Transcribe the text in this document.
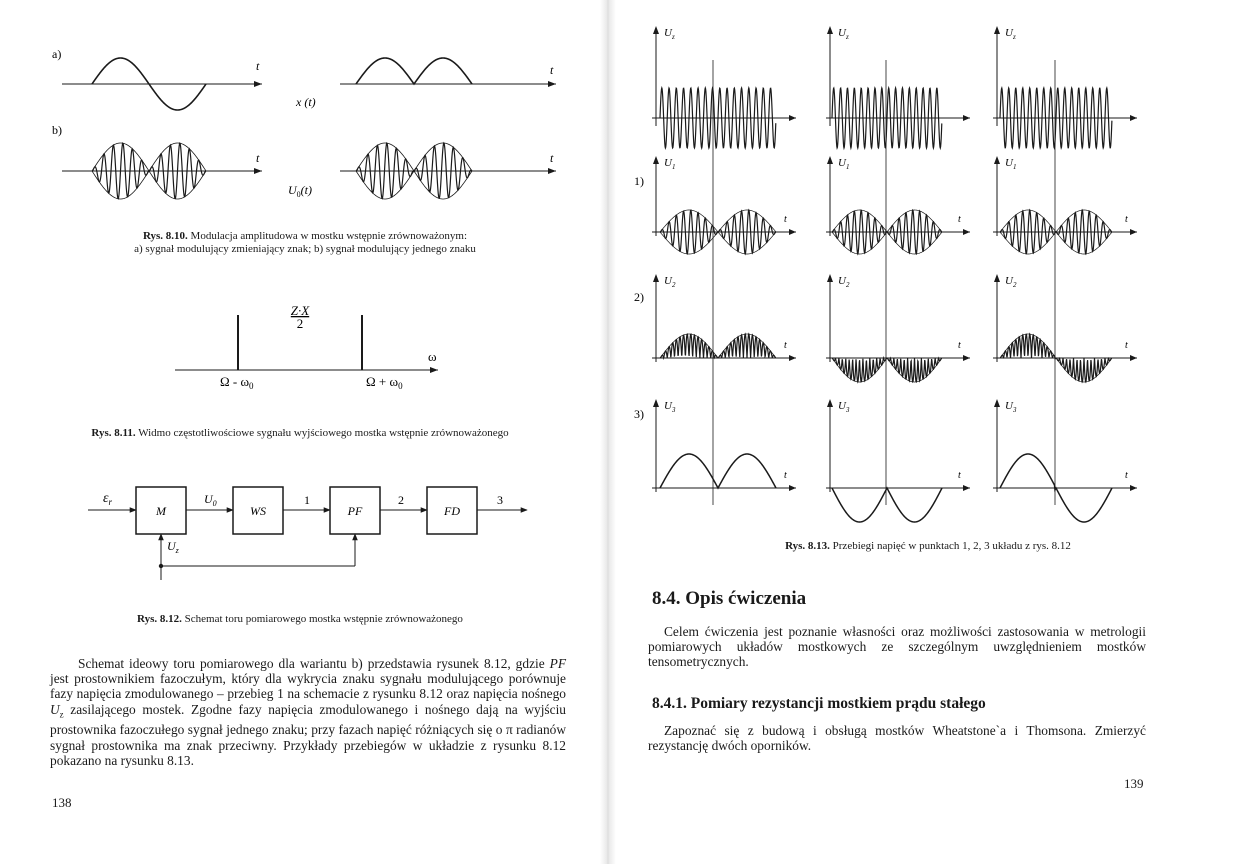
a)
b)
t	t
x (t)
t	t
$U_0(t)$
Rys. 8.10. Modulacja amplitudowa w mostku wstępnie zrównoważonym:
a) sygnał modulujący zmieniający znak; b) sygnał modulujący jednego znaku
Z·X
2
ω
Ω - $\omega_0$	$\Omega + \omega_0$
Rys. 8.11. Widmo częstotliwościowe sygnału wyjściowego mostka wstępnie zrównoważonego
$\varepsilon_r$
M
$U_0$
WS
1
PF
2
FD
3
$U_z$
Rys. 8.12. Schemat toru pomiarowego mostka wstępnie zrównoważonego
Schemat ideowy toru pomiarowego dla wariantu b) przedstawia rysunek 8.12, gdzie PF jest prostownikiem fazoczułym, który dla wykrycia znaku sygnału modulującego porównuje fazy napięcia zmodulowanego – przebieg 1 na schemacie z rysunku 8.12 oraz napięcia nośnego $U_z$ zasilającego mostek. Zgodne fazy napięcia zmodulowanego i nośnego dają na wyjściu prostownika fazoczułego sygnał jednego znaku; przy fazach napięć różniących się o π radianów sygnał prostownika ma znak przeciwny. Przykłady przebiegów w układzie z rysunku 8.12 pokazano na rysunku 8.13.
138
$U_z$
$U_1$
t
$U_2$
t
$U_3$
t
$U_z$
$U_1$
t
$U_2$
t
$U_3$
t
$U_z$
$U_1$
t
$U_2$
t
$U_3$
t
1)
2)
3)
Rys. 8.13. Przebiegi napięć w punktach 1, 2, 3 układu z rys. 8.12
8.4. Opis ćwiczenia
Celem ćwiczenia jest poznanie własności oraz możliwości zastosowania w metrologii pomiarowych układów mostkowych ze szczególnym uwzględnieniem mostków tensometrycznych.
8.4.1. Pomiary rezystancji mostkiem prądu stałego
Zapoznać się z budową i obsługą mostków Wheatstone`a i Thomsona. Zmierzyć rezystancję dwóch oporników.
139
